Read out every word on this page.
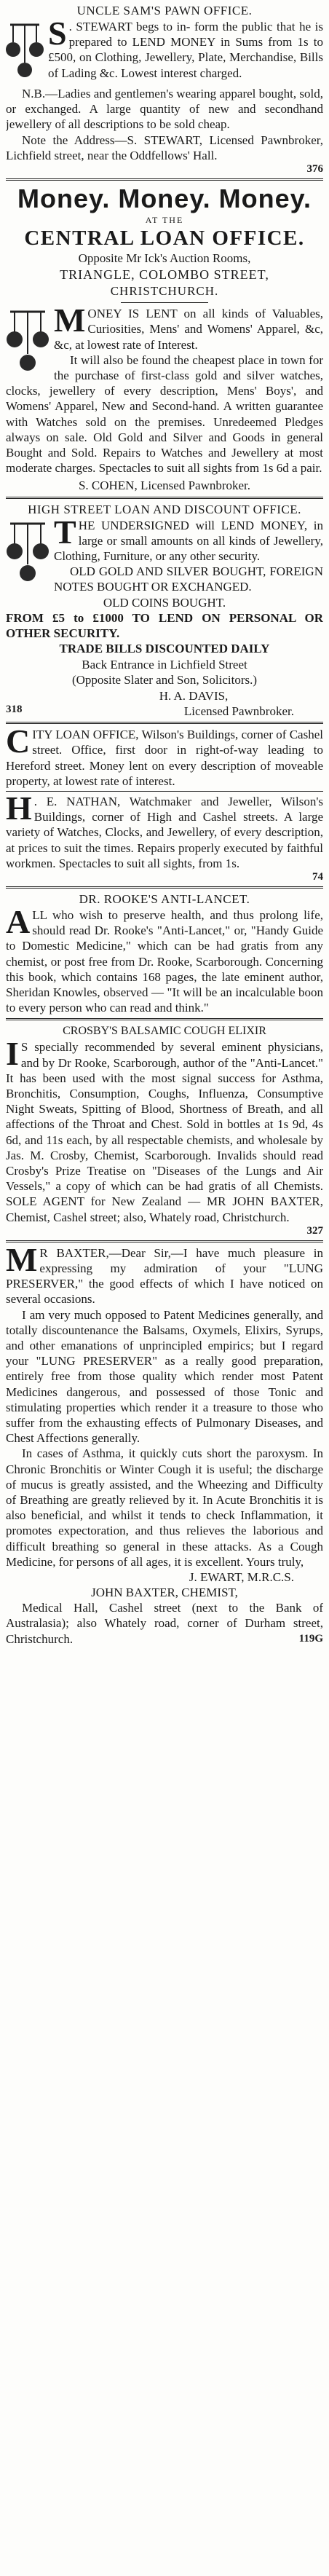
UNCLE SAM'S PAWN OFFICE.
S . STEWART begs to in- form the public that he is prepared to LEND MONEY in Sums from 1s to £500, on Clothing, Jewellery, Plate, Merchandise, Bills of Lading &c. Lowest interest charged.

N.B.—Ladies and gentlemen's wearing apparel bought, sold, or exchanged. A large quantity of new and secondhand jewellery of all descriptions to be sold cheap.

Note the Address—S. STEWART, Licensed Pawnbroker, Lichfield street, near the Oddfellows' Hall.

376
Money. Money. Money.
AT THE
CENTRAL LOAN OFFICE.
Opposite Mr Ick's Auction Rooms,
TRIANGLE, COLOMBO STREET,
CHRISTCHURCH.
M ONEY IS LENT on all kinds of Valuables, Curiosities, Mens' and Womens' Apparel, &c, &c, at lowest rate of Interest.

It will also be found the cheapest place in town for the purchase of first-class gold and silver watches, clocks, jewellery of every description, Mens' Boys', and Womens' Apparel, New and Second-hand. A written guarantee with Watches sold on the premises. Unredeemed Pledges always on sale. Old Gold and Silver and Goods in general Bought and Sold. Repairs to Watches and Jewellery at most moderate charges. Spectacles to suit all sights from 1s 6d a pair.

S. COHEN, Licensed Pawnbroker.
HIGH STREET LOAN AND DISCOUNT OFFICE.
T HE UNDERSIGNED will LEND MONEY, in large or small amounts on all kinds of Jewellery, Clothing, Furniture, or any other security.

OLD GOLD AND SILVER BOUGHT, FOREIGN NOTES BOUGHT OR EXCHANGED.

OLD COINS BOUGHT.

FROM £5 to £1000 TO LEND ON PERSONAL OR OTHER SECURITY.

TRADE BILLS DISCOUNTED DAILY
Back Entrance in Lichfield Street
(Opposite Slater and Son, Solicitors.)
H. A. DAVIS,
318	Licensed Pawnbroker.
C ITY LOAN OFFICE, Wilson's Buildings, corner of Cashel street. Office, first door in right-of-way leading to Hereford street. Money lent on every description of moveable property, at lowest rate of interest.

H . E. NATHAN, Watchmaker and Jeweller, Wilson's Buildings, corner of High and Cashel streets. A large variety of Watches, Clocks, and Jewellery, of every description, at prices to suit the times. Repairs properly executed by faithful workmen. Spectacles to suit all sights, from 1s.

74
DR. ROOKE'S ANTI-LANCET.
A LL who wish to preserve health, and thus prolong life, should read Dr. Rooke's "Anti-Lancet," or, "Handy Guide to Domestic Medicine," which can be had gratis from any chemist, or post free from Dr. Rooke, Scarborough. Concerning this book, which contains 168 pages, the late eminent author, Sheridan Knowles, observed — "It will be an incalculable boon to every person who can read and think."

CROSBY'S BALSAMIC COUGH ELIXIR
I S specially recommended by several eminent physicians, and by Dr Rooke, Scarborough, author of the "Anti-Lancet." It has been used with the most signal success for Asthma, Bronchitis, Consumption, Coughs, Influenza, Consumptive Night Sweats, Spitting of Blood, Shortness of Breath, and all affections of the Throat and Chest. Sold in bottles at 1s 9d, 4s 6d, and 11s each, by all respectable chemists, and wholesale by Jas. M. Crosby, Chemist, Scarborough. Invalids should read Crosby's Prize Treatise on "Diseases of the Lungs and Air Vessels," a copy of which can be had gratis of all Chemists. SOLE AGENT for New Zealand — MR JOHN BAXTER, Chemist, Cashel street; also, Whately road, Christchurch.

327
M R BAXTER,—Dear Sir,—I have much pleasure in expressing my admiration of your "LUNG PRESERVER," the good effects of which I have noticed on several occasions.

I am very much opposed to Patent Medicines generally, and totally discountenance the Balsams, Oxymels, Elixirs, Syrups, and other emanations of unprincipled empirics; but I regard your "LUNG PRESERVER" as a really good preparation, entirely free from those quality which render most Patent Medicines dangerous, and possessed of those Tonic and stimulating properties which render it a treasure to those who suffer from the exhausting effects of Pulmonary Diseases, and Chest Affections generally.

In cases of Asthma, it quickly cuts short the paroxysm. In Chronic Bronchitis or Winter Cough it is useful; the discharge of mucus is greatly assisted, and the Wheezing and Difficulty of Breathing are greatly relieved by it. In Acute Bronchitis it is also beneficial, and whilst it tends to check Inflammation, it promotes expectoration, and thus relieves the laborious and difficult breathing so general in these attacks. As a Cough Medicine, for persons of all ages, it is excellent. Yours truly,

J. EWART, M.R.C.S.
JOHN BAXTER, CHEMIST,

Medical Hall, Cashel street (next to the Bank of Australasia); also Whately road, corner of Durham street, Christchurch.	119G
